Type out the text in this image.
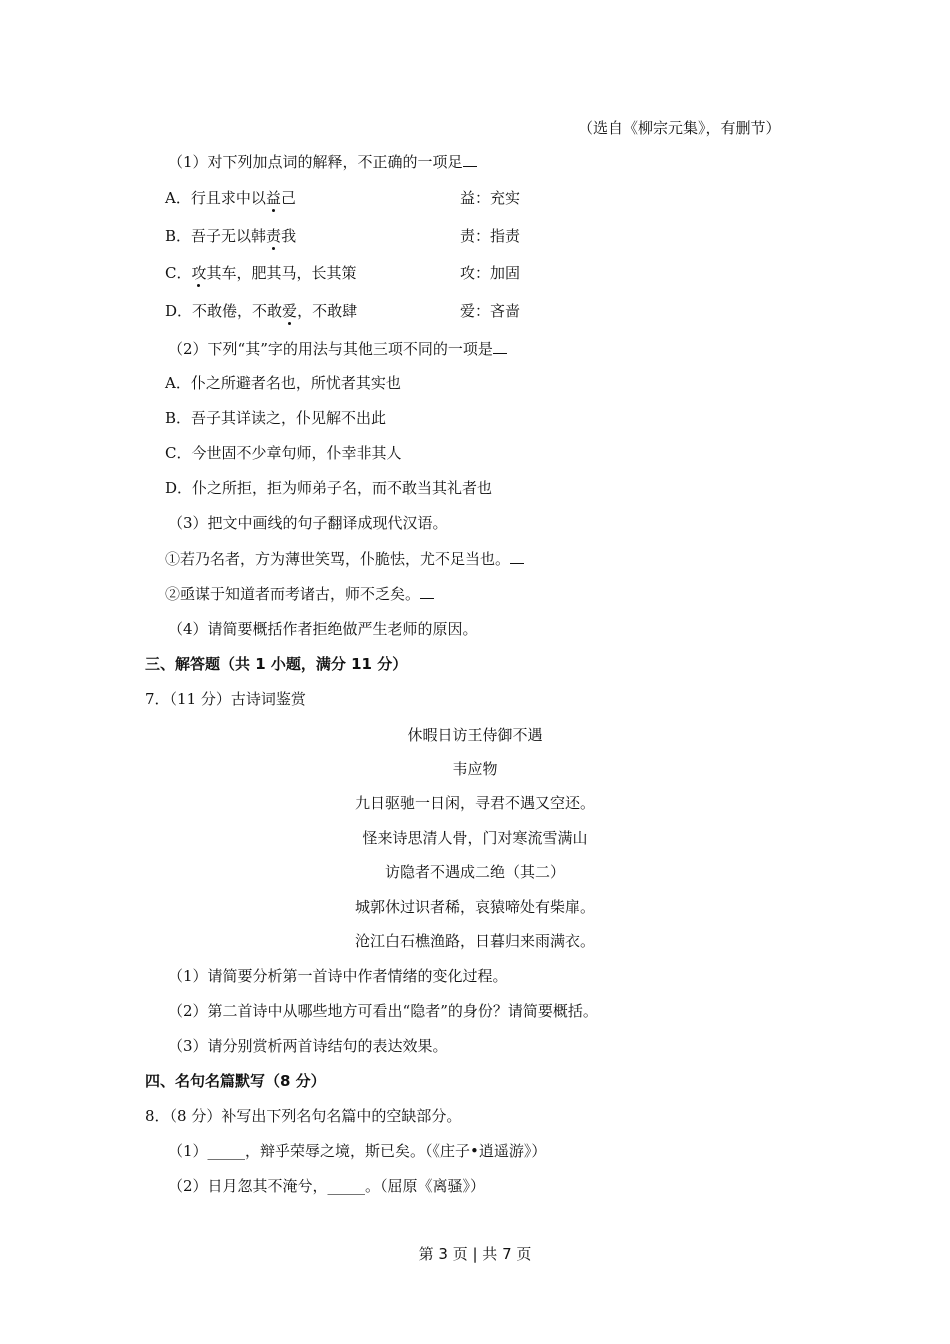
（选自《柳宗元集》，有删节）
（1）对下列加点词的解释，不正确的一项足
A．行且求中以益己	益：充实
B．吾子无以韩责我	责：指责
C．攻其车，肥其马，长其策	攻：加固
D．不敢倦，不敢爱，不敢肆	爱：吝啬
（2）下列“其”字的用法与其他三项不同的一项是
A．仆之所避者名也，所忧者其实也
B．吾子其详读之，仆见解不出此
C．今世固不少章句师，仆幸非其人
D．仆之所拒，拒为师弟子名，而不敢当其礼者也
（3）把文中画线的句子翻译成现代汉语。
①若乃名者，方为薄世笑骂，仆脆怯，尤不足当也。
②亟谋于知道者而考诸古，师不乏矣。
（4）请简要概括作者拒绝做严生老师的原因。
三、解答题（共 1 小题，满分 11 分）
7．（11 分）古诗词鉴赏
休暇日访王侍御不遇
韦应物
九日驱驰一日闲，寻君不遇又空还。
怪来诗思清人骨，门对寒流雪满山
访隐者不遇成二绝（其二）
城郭休过识者稀，哀猿啼处有柴扉。
沧江白石樵渔路，日暮归来雨满衣。
（1）请简要分析第一首诗中作者情绪的变化过程。
（2）第二首诗中从哪些地方可看出“隐者”的身份？请简要概括。
（3）请分别赏析两首诗结句的表达效果。
四、名句名篇默写（8 分）
8．（8 分）补写出下列名句名篇中的空缺部分。
（1）_____，辩乎荣辱之境，斯已矣。（《庄子•逍遥游》）
（2）日月忽其不淹兮，_____。（屈原《离骚》）
第 3 页 | 共 7 页
